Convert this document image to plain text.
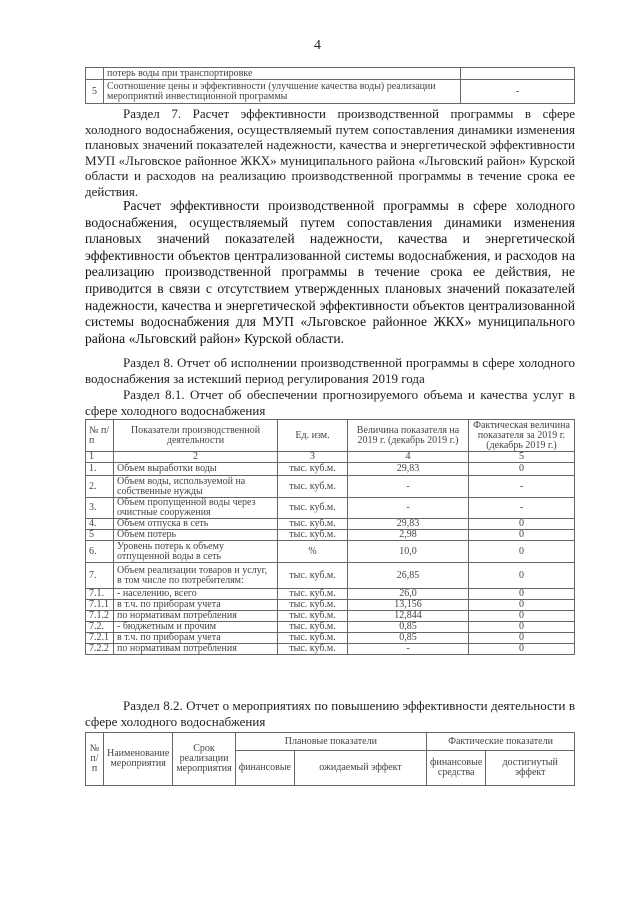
4
	потерь воды при транспортировке	
5	Соотношение цены и эффективности (улучшение качества воды) реализации мероприятий инвестиционной программы	-

Раздел 7. Расчет эффективности производственной программы в сфере холодного водоснабжения, осуществляемый путем сопоставления динамики изменения плановых значений показателей надежности, качества и энергетической эффективности МУП «Льговское районное ЖКХ» муниципального района «Льговский район» Курской области и расходов на реализацию производственной программы в течение срока ее действия.

Расчет эффективности производственной программы в сфере холодного водоснабжения, осуществляемый путем сопоставления динамики изменения плановых значений показателей надежности, качества и энергетической эффективности объектов централизованной системы водоснабжения, и расходов на реализацию производственной программы в течение срока ее действия, не приводится в связи с отсутствием утвержденных плановых значений показателей надежности, качества и энергетической эффективности объектов централизованной системы водоснабжения для МУП «Льговское районное ЖКХ» муниципального района «Льговский район» Курской области.

Раздел 8. Отчет об исполнении производственной программы в сфере холодного водоснабжения за истекший период регулирования 2019 года

Раздел 8.1. Отчет об обеспечении прогнозируемого объема и качества услуг в сфере холодного водоснабжения

№ п/п	Показатели производственной деятельности	Ед. изм.	Величина показателя на 2019 г. (декабрь 2019 г.)	Фактическая величина показателя за 2019 г. (декабрь 2019 г.)
1	2	3	4	5
1.	Объем выработки воды	тыс. куб.м.	29,83	0
2.	Объем воды, используемой на собственные нужды	тыс. куб.м.	-	-
3.	Объем пропущенной воды через очистные сооружения	тыс. куб.м.	-	-
4.	Объем отпуска в сеть	тыс. куб.м.	29,83	0
5	Объем потерь	тыс. куб.м.	2,98	0
6.	Уровень потерь к объему отпущенной воды в сеть	%	10,0	0
7.	Объем реализации товаров и услуг, в том числе по потребителям:	тыс. куб.м.	26,85	0
7.1.	- населению, всего	тыс. куб.м.	26,0	0
7.1.1	в т.ч. по приборам учета	тыс. куб.м.	13,156	0
7.1.2	по нормативам потребления	тыс. куб.м.	12,844	0
7.2.	- бюджетным и прочим	тыс. куб.м.	0,85	0
7.2.1	в т.ч. по приборам учета	тыс. куб.м.	0,85	0
7.2.2	по нормативам потребления	тыс. куб.м.	-	0

Раздел 8.2. Отчет о мероприятиях по повышению эффективности деятельности в сфере холодного водоснабжения

№ п/п	Наименование мероприятия	Срок реализации мероприятия	Плановые показатели		Фактические показатели	
			финансовые	ожидаемый эффект	финансовые средства	достигнутый эффект
